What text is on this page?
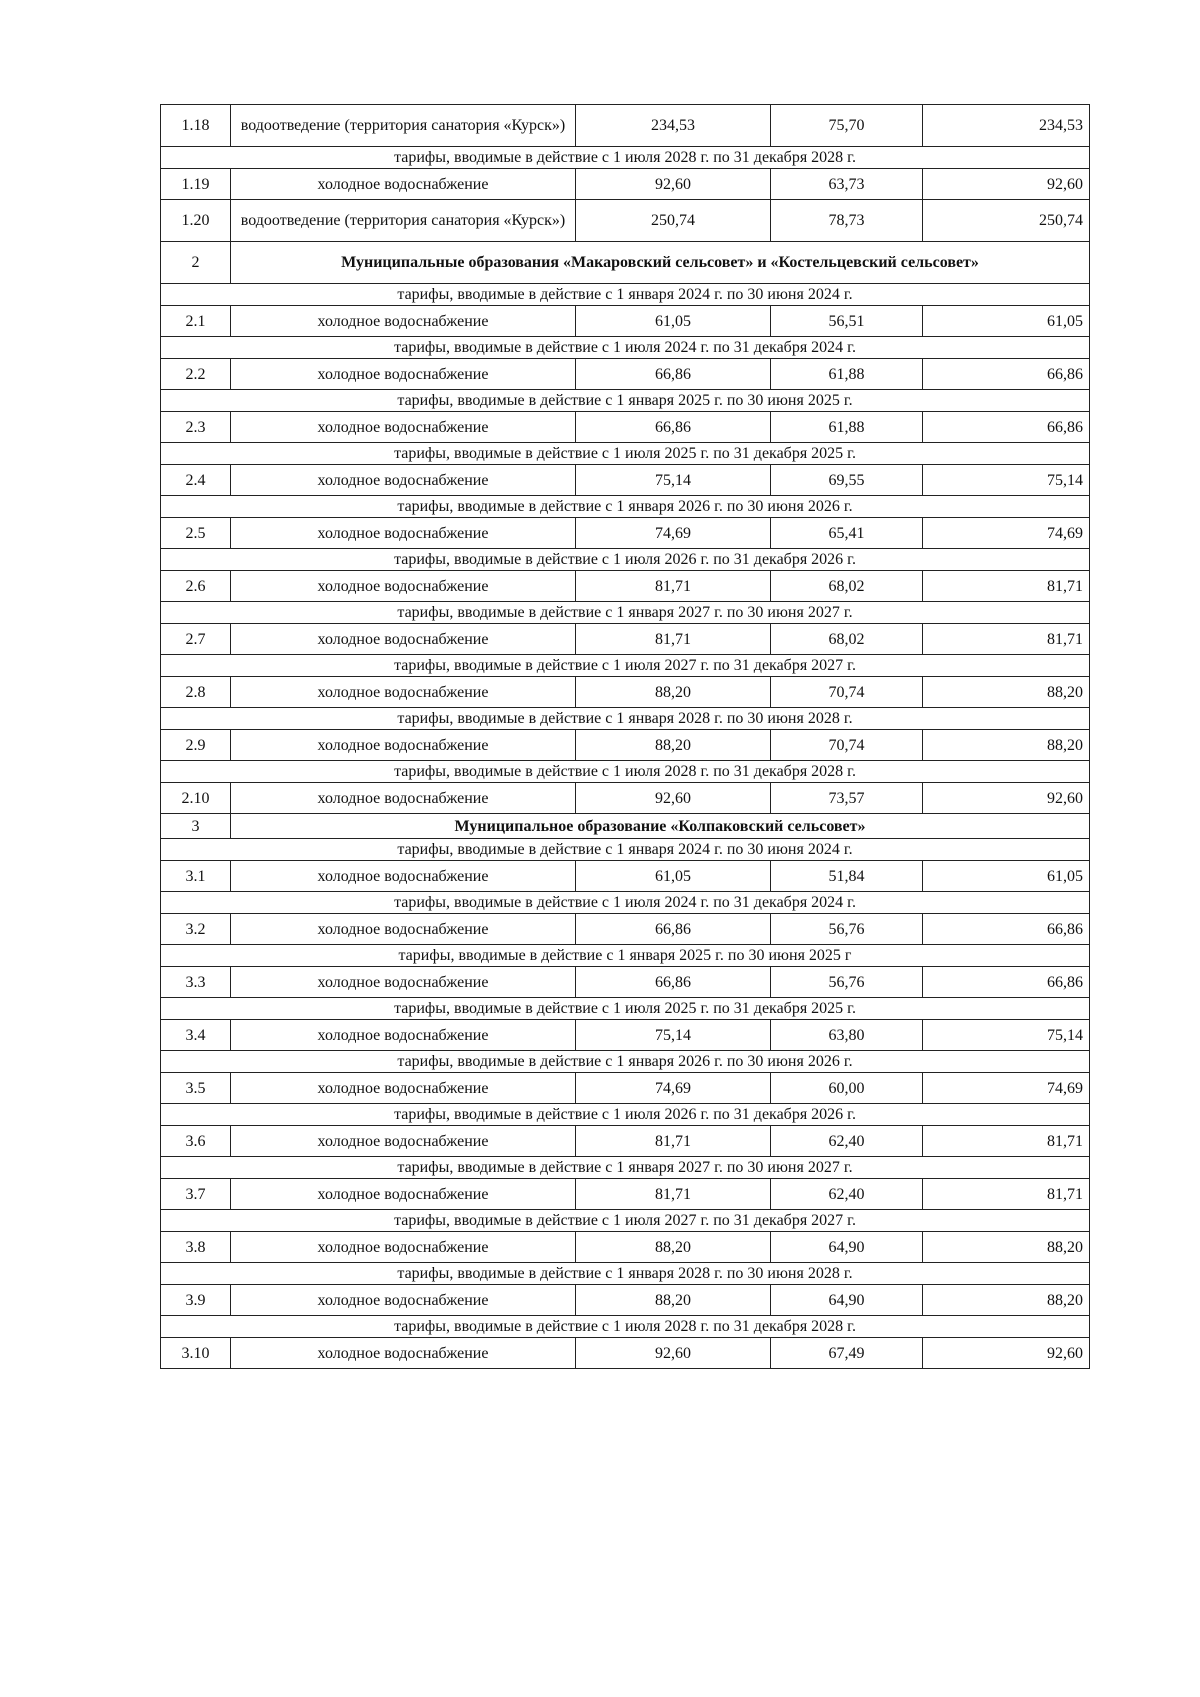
1.18	водоотведение (территория санатория «Курск»)	234,53	75,70	234,53
тарифы, вводимые в действие с 1 июля 2028 г. по 31 декабря 2028 г.				
1.19	холодное водоснабжение	92,60	63,73	92,60
1.20	водоотведение (территория санатория «Курск»)	250,74	78,73	250,74
2	Муниципальные образования «Макаровский сельсовет» и «Костельцевский сельсовет»			
тарифы, вводимые в действие с 1 января 2024 г. по 30 июня 2024 г.				
2.1	холодное водоснабжение	61,05	56,51	61,05
тарифы, вводимые в действие с 1 июля 2024 г. по 31 декабря 2024 г.				
2.2	холодное водоснабжение	66,86	61,88	66,86
тарифы, вводимые в действие с 1 января 2025 г. по 30 июня 2025 г.				
2.3	холодное водоснабжение	66,86	61,88	66,86
тарифы, вводимые в действие с 1 июля 2025 г. по 31 декабря 2025 г.				
2.4	холодное водоснабжение	75,14	69,55	75,14
тарифы, вводимые в действие с 1 января 2026 г. по 30 июня 2026 г.				
2.5	холодное водоснабжение	74,69	65,41	74,69
тарифы, вводимые в действие с 1 июля 2026 г. по 31 декабря 2026 г.				
2.6	холодное водоснабжение	81,71	68,02	81,71
тарифы, вводимые в действие с 1 января 2027 г. по 30 июня 2027 г.				
2.7	холодное водоснабжение	81,71	68,02	81,71
тарифы, вводимые в действие с 1 июля 2027 г. по 31 декабря 2027 г.				
2.8	холодное водоснабжение	88,20	70,74	88,20
тарифы, вводимые в действие с 1 января 2028 г. по 30 июня 2028 г.				
2.9	холодное водоснабжение	88,20	70,74	88,20
тарифы, вводимые в действие с 1 июля 2028 г. по 31 декабря 2028 г.				
2.10	холодное водоснабжение	92,60	73,57	92,60
3	Муниципальное образование «Колпаковский сельсовет»			
тарифы, вводимые в действие с 1 января 2024 г. по 30 июня 2024 г.				
3.1	холодное водоснабжение	61,05	51,84	61,05
тарифы, вводимые в действие с 1 июля 2024 г. по 31 декабря 2024 г.				
3.2	холодное водоснабжение	66,86	56,76	66,86
тарифы, вводимые в действие с 1 января 2025 г. по 30 июня 2025 г				
3.3	холодное водоснабжение	66,86	56,76	66,86
тарифы, вводимые в действие с 1 июля 2025 г. по 31 декабря 2025 г.				
3.4	холодное водоснабжение	75,14	63,80	75,14
тарифы, вводимые в действие с 1 января 2026 г. по 30 июня 2026 г.				
3.5	холодное водоснабжение	74,69	60,00	74,69
тарифы, вводимые в действие с 1 июля 2026 г. по 31 декабря 2026 г.				
3.6	холодное водоснабжение	81,71	62,40	81,71
тарифы, вводимые в действие с 1 января 2027 г. по 30 июня 2027 г.				
3.7	холодное водоснабжение	81,71	62,40	81,71
тарифы, вводимые в действие с 1 июля 2027 г. по 31 декабря 2027 г.				
3.8	холодное водоснабжение	88,20	64,90	88,20
тарифы, вводимые в действие с 1 января 2028 г. по 30 июня 2028 г.				
3.9	холодное водоснабжение	88,20	64,90	88,20
тарифы, вводимые в действие с 1 июля 2028 г. по 31 декабря 2028 г.				
3.10	холодное водоснабжение	92,60	67,49	92,60
